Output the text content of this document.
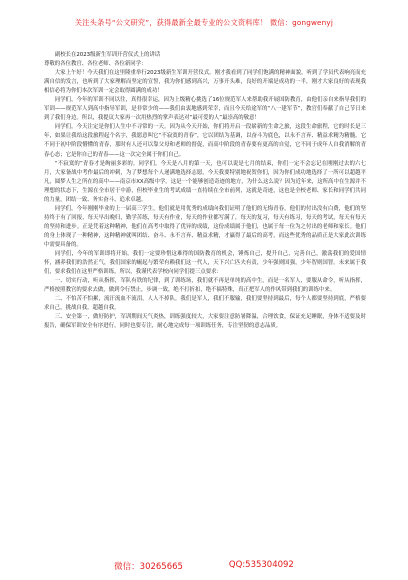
关注头条号“公文研究”，获得最新全最专业的公文资料库！ 微信：gongwenyj

副校长在2023级新生军训开营仪式上的讲话

尊敬的各位教官、各位老师、各位新同学：

大家上午好！今天我们在这里隆重举行2023级新生军训开营仪式。刚才我看到了同学们饱满的精神面貌，听到了学员代表响亮而充满自信的发言，也听到了大家理解而坚定的宣誓，我为你们感到高兴，万事开头难，良好的开端是成功的一半，刚才大家良好的表现我相信必将为你们本次军训一定会取得圆满的成功！

同学们，今年的军训不同以往，真得很幸运，因为上级精心挑选了16位规范军人来帮助我开展国防教育，由他们亲自来指导我们的军训——规范军人到高中指导军训，是非常少的——我们由衷地感到荣幸，而且今天给途军的“八一建军节”，教官们奉献了自己节日来到了我们身边。所以，我提议大家再一次用热烈的掌声表达对“最可爱的人”最崇高的敬意！

同学们，今天注定是你们人生中不寻常的一天。因为从今天开始，你们将开启一段崭新的生命之旅，这段生命旅程，它的时长是三年，如果让我给这段旅程起个名字，我愿意叫它“不寂寞的青春”，它以团结为基调，以奋斗为底色，以永不言弃、精益求精为精髓，它不同于初中阶段懵懂的青春，那时有人还可以靠父母和老师的督促，而高中阶段的青春要有更高的自觉，它不同于成年人自我消解的青春心态；它是你自己的青春——这一次完全属于你们自己。

“不寂寞的”青春才是绚丽多彩的。同学们，今天是八月的第一天，也可以说是七月的结束，你们一定不会忘记在刚刚过去的六七月，大家备战中考作最后的冲刺，为了梦想每个人递满地选择志愿，今天我要特别地祝贺你们，因为你们成功地选择了一所可以超越平凡，圆梦人生之所在的高中——南京市XX高级中学。这是一个能够创造奇迹的地方，为什么这么说？因为近年来，这所高中在生源并不理想的状态下，生源在全市居于中游，但校毕业生的考试成绩一直持续在全市前列，这就是奇迹，这也是全校老师、家长和同学们共同的力量，团结一致、务实奋斗、追求卓越。

同学们，今年刚刚毕业的上一届高三学生，他们就是用优秀的成绩向我们证明了他们的无悔青春，他们的付出没有白费，他们的坚持终于有了回报，每天早出晚归，勤学苦练，每天有作业，每天的作业都写满了，每天的复习，每天有练习，每天的考试，每天有每天的坚持和进步。正是凭着这种精神，他们在高考中取得了优异的成绩，这份成绩属于他们，也属于每一位为之付出的老师和家长。他们的身上体现了一种精神，这种精神就叫团结、奋斗、永不言弃、精益求精，才赢得了最后的高考，而这些优秀的品质正是大家此次训练中需要具备的。

同学们，今年的军训即将开始，我们一定要珍惜这难得的国防教育的机会，锤炼自己，提升自己，完善自己，激荡我们的爱国情怀，涵养我们的浩然正气，我们国家的崛起与繁荣有赖我们这一代人，天下兴亡匹夫有责，少年强则国强，少年智则国智。未来属于我们，要求我们在这里严格训练，所以，我谨代表学校向同学们提三点要求：

一、切实行动，听从指挥，军队有铁的纪律，到了训练场，我们就不再是单纯的高中生，而是一名军人，要服从命令，听从指挥，严格按照教官的要求去做，做到令行禁止，步调一致，绝不打折扣，绝不搞特殊，真正把军人的作风带到我们的训练中来。

二、不怕苦不怕累，流汗流血不流泪，人人不掉队。我们是军人，我们不服输，我们要坚持到最后，每个人都要坚持到底，严格要求自己，挑战自我，超越自我。

三、安全第一，做好防护，军训期间天气炎热，训练强度较大，大家要注意防暑降温，合理饮食，保证充足睡眠，身体不适要及时报告，确保军训安全有序进行，同时也要专注，耐心地完成每一项训练任务，专注坚韧的意志品质。

微信：30265665	QQ:535304092
